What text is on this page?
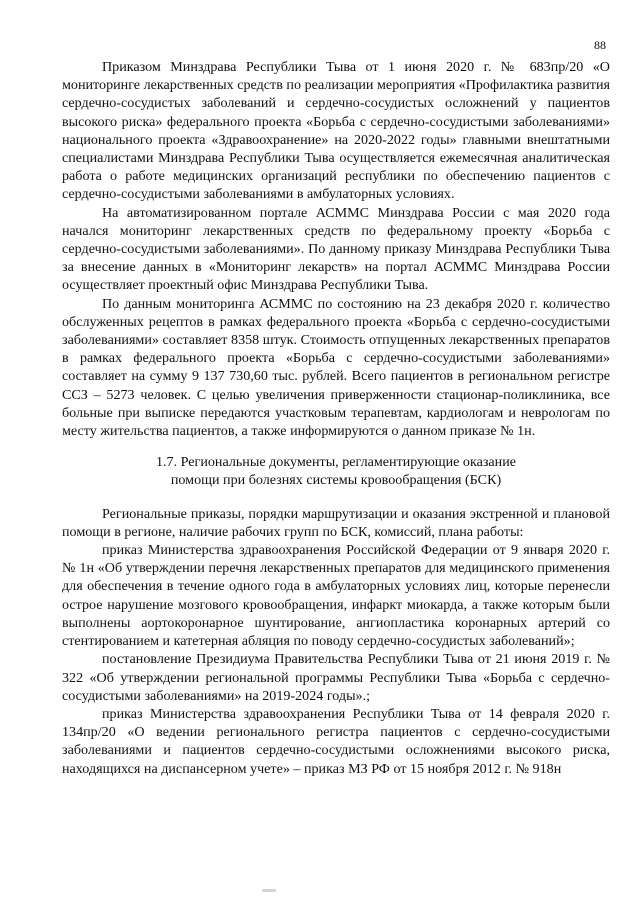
88

Приказом Минздрава Республики Тыва от 1 июня 2020 г. № 683пр/20 «О мониторинге лекарственных средств по реализации мероприятия «Профилактика развития сердечно-сосудистых заболеваний и сердечно-сосудистых осложнений у пациентов высокого риска» федерального проекта «Борьба с сердечно-сосудистыми заболеваниями» национального проекта «Здравоохранение» на 2020-2022 годы» главными внештатными специалистами Минздрава Республики Тыва осуществляется ежемесячная аналитическая работа о работе медицинских организаций республики по обеспечению пациентов с сердечно-сосудистыми заболеваниями в амбулаторных условиях.

На автоматизированном портале АСММС Минздрава России с мая 2020 года начался мониторинг лекарственных средств по федеральному проекту «Борьба с сердечно-сосудистыми заболеваниями». По данному приказу Минздрава Республики Тыва за внесение данных в «Мониторинг лекарств» на портал АСММС Минздрава России осуществляет проектный офис Минздрава Республики Тыва.

По данным мониторинга АСММС по состоянию на 23 декабря 2020 г. количество обслуженных рецептов в рамках федерального проекта «Борьба с сердечно-сосудистыми заболеваниями» составляет 8358 штук. Стоимость отпущенных лекарственных препаратов в рамках федерального проекта «Борьба с сердечно-сосудистыми заболеваниями» составляет на сумму 9 137 730,60 тыс. рублей. Всего пациентов в региональном регистре ССЗ – 5273 человек. С целью увеличения приверженности стационар-поликлиника, все больные при выписке передаются участковым терапевтам, кардиологам и неврологам по месту жительства пациентов, а также информируются о данном приказе № 1н.

1.7. Региональные документы, регламентирующие оказание
помощи при болезнях системы кровообращения (БСК)

Региональные приказы, порядки маршрутизации и оказания экстренной и плановой помощи в регионе, наличие рабочих групп по БСК, комиссий, плана работы:

приказ Министерства здравоохранения Российской Федерации от 9 января 2020 г. № 1н «Об утверждении перечня лекарственных препаратов для медицинского применения для обеспечения в течение одного года в амбулаторных условиях лиц, которые перенесли острое нарушение мозгового кровообращения, инфаркт миокарда, а также которым были выполнены аортокоронарное шунтирование, ангиопластика коронарных артерий со стентированием и катетерная абляция по поводу сердечно-сосудистых заболеваний»;

постановление Президиума Правительства Республики Тыва от 21 июня 2019 г. № 322 «Об утверждении региональной программы Республики Тыва «Борьба с сердечно-сосудистыми заболеваниями» на 2019-2024 годы».;

приказ Министерства здравоохранения Республики Тыва от 14 февраля 2020 г. 134пр/20 «О ведении регионального регистра пациентов с сердечно-сосудистыми заболеваниями и пациентов сердечно-сосудистыми осложнениями высокого риска, находящихся на диспансерном учете» – приказ МЗ РФ от 15 ноября 2012 г. № 918н
